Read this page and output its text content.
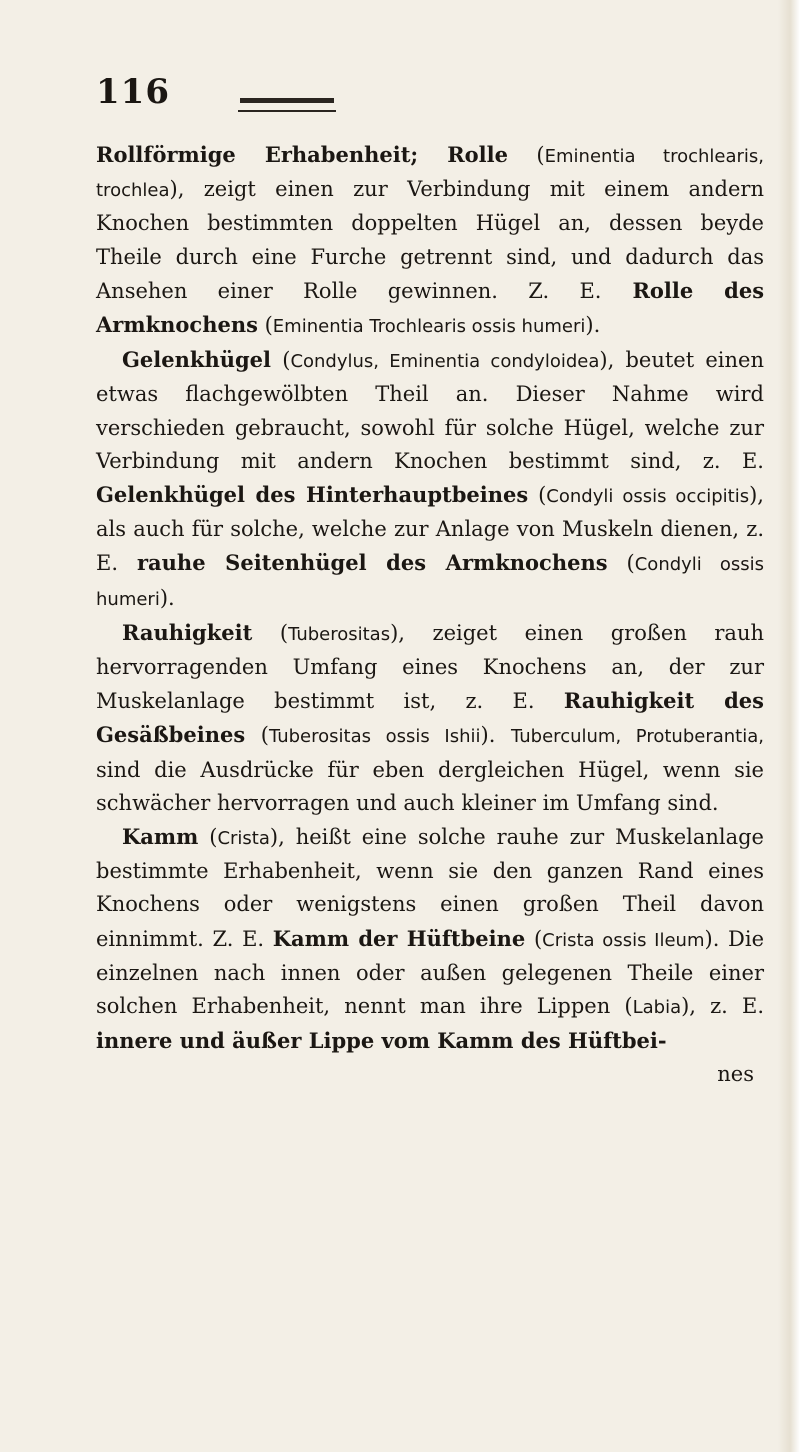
116

Rollförmige Erhabenheit; Rolle (Eminentia trochlearis, trochlea), zeigt einen zur Verbindung mit einem andern Knochen bestimmten doppelten Hügel an, dessen beyde Theile durch eine Furche getrennt sind, und dadurch das Ansehen einer Rolle gewinnen. Z. E. Rolle des Armknochens (Eminentia Trochlearis ossis humeri).

Gelenkhügel (Condylus, Eminentia condyloidea), beutet einen etwas flachgewölbten Theil an. Dieser Nahme wird verschieden gebraucht, sowohl für solche Hügel, welche zur Verbindung mit andern Knochen bestimmt sind, z. E. Gelenkhügel des Hinterhauptbeines (Condyli ossis occipitis), als auch für solche, welche zur Anlage von Muskeln dienen, z. E. rauhe Seitenhügel des Armknochens (Condyli ossis humeri).

Rauhigkeit (Tuberositas), zeiget einen großen rauh hervorragenden Umfang eines Knochens an, der zur Muskelanlage bestimmt ist, z. E. Rauhigkeit des Gesäßbeines (Tuberositas ossis Ishii). Tuberculum, Protuberantia, sind die Ausdrücke für eben dergleichen Hügel, wenn sie schwächer hervorragen und auch kleiner im Umfang sind.

Kamm (Crista), heißt eine solche rauhe zur Muskelanlage bestimmte Erhabenheit, wenn sie den ganzen Rand eines Knochens oder wenigstens einen großen Theil davon einnimmt. Z. E. Kamm der Hüftbeine (Crista ossis Ileum). Die einzelnen nach innen oder außen gelegenen Theile einer solchen Erhabenheit, nennt man ihre Lippen (Labia), z. E. innere und äußer Lippe vom Kamm des Hüftbei-

nes
